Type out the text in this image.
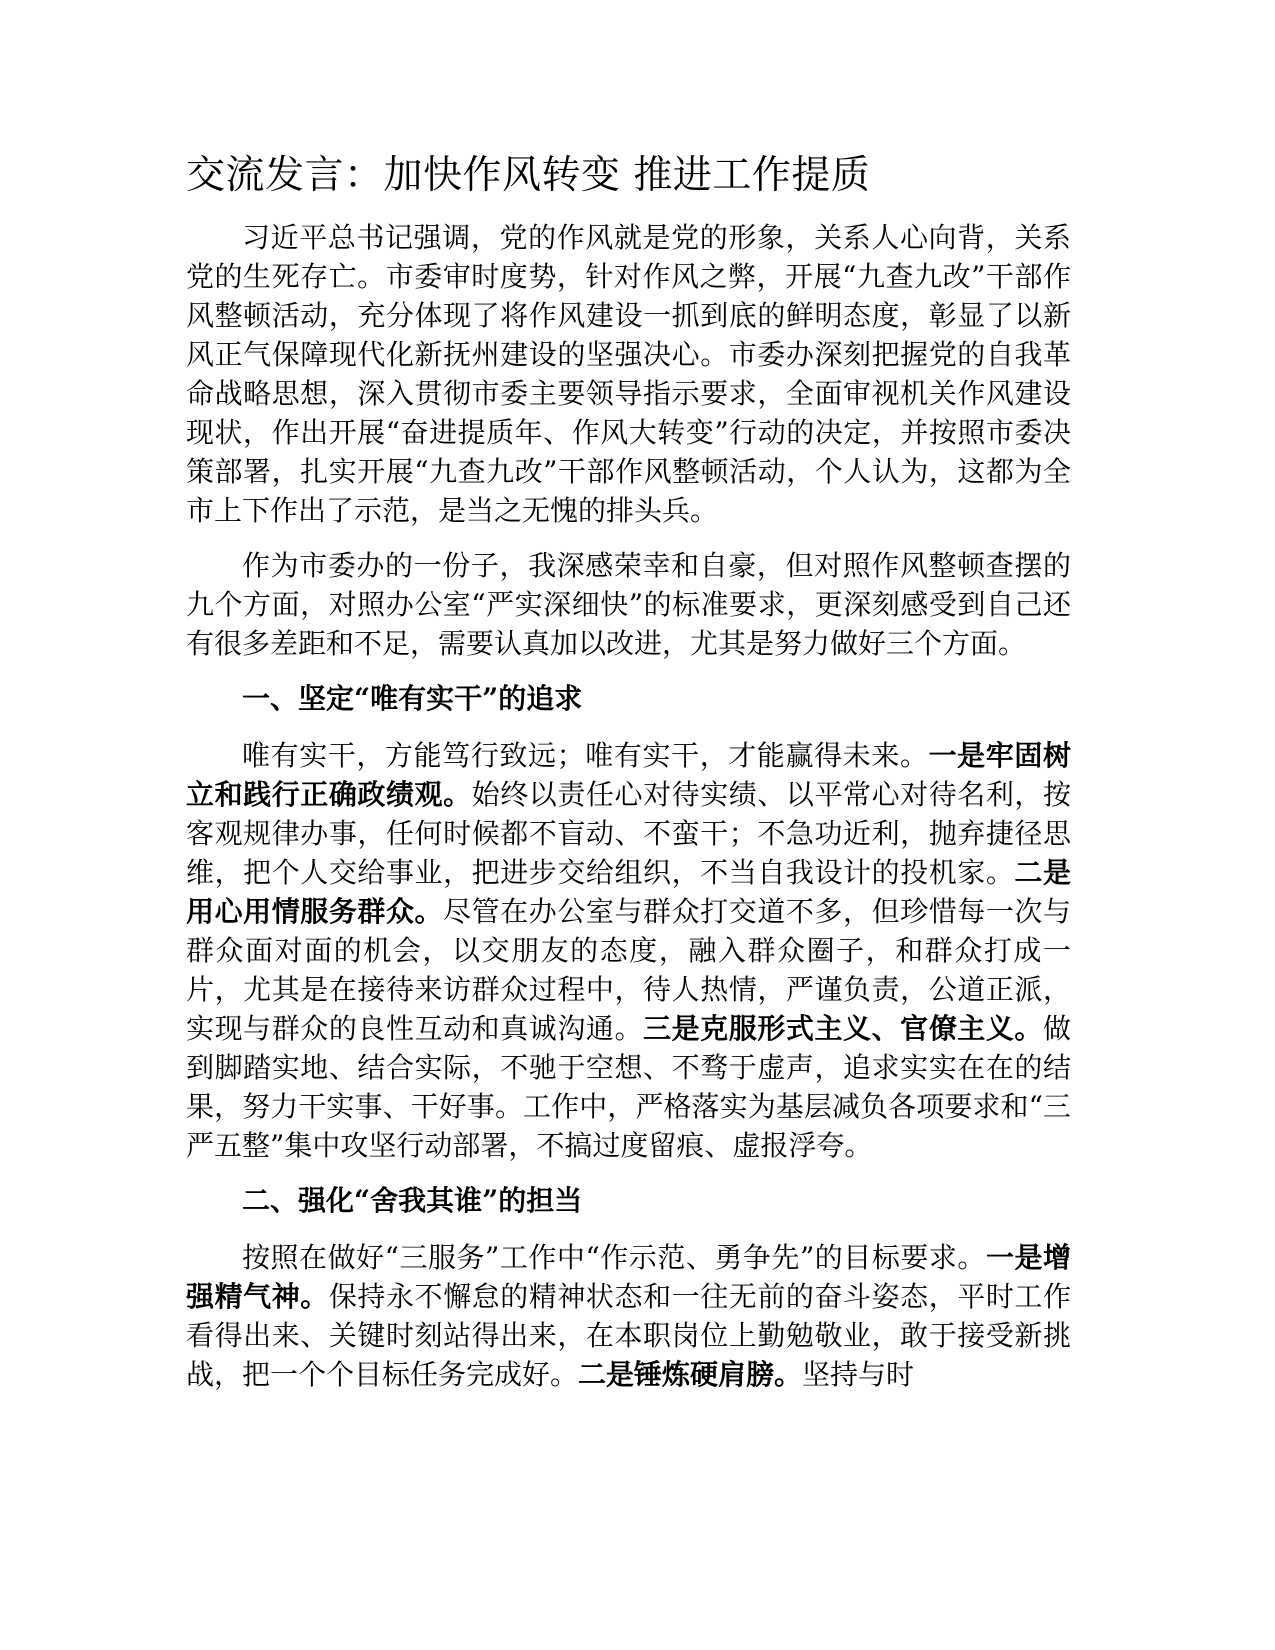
交流发言：加快作风转变 推进工作提质

习近平总书记强调，党的作风就是党的形象，关系人心向背，关系党的生死存亡。市委审时度势，针对作风之弊，开展“九查九改”干部作风整顿活动，充分体现了将作风建设一抓到底的鲜明态度，彰显了以新风正气保障现代化新抚州建设的坚强决心。市委办深刻把握党的自我革命战略思想，深入贯彻市委主要领导指示要求，全面审视机关作风建设现状，作出开展“奋进提质年、作风大转变”行动的决定，并按照市委决策部署，扎实开展“九查九改”干部作风整顿活动，个人认为，这都为全市上下作出了示范，是当之无愧的排头兵。

作为市委办的一份子，我深感荣幸和自豪，但对照作风整顿查摆的九个方面，对照办公室“严实深细快”的标准要求，更深刻感受到自己还有很多差距和不足，需要认真加以改进，尤其是努力做好三个方面。

一、坚定“唯有实干”的追求

唯有实干，方能笃行致远；唯有实干，才能赢得未来。一是牢固树立和践行正确政绩观。始终以责任心对待实绩、以平常心对待名利，按客观规律办事，任何时候都不盲动、不蛮干；不急功近利，抛弃捷径思维，把个人交给事业，把进步交给组织，不当自我设计的投机家。二是用心用情服务群众。尽管在办公室与群众打交道不多，但珍惜每一次与群众面对面的机会，以交朋友的态度，融入群众圈子，和群众打成一片，尤其是在接待来访群众过程中，待人热情，严谨负责，公道正派，实现与群众的良性互动和真诚沟通。三是克服形式主义、官僚主义。做到脚踏实地、结合实际，不驰于空想、不骛于虚声，追求实实在在的结果，努力干实事、干好事。工作中，严格落实为基层减负各项要求和“三严五整”集中攻坚行动部署，不搞过度留痕、虚报浮夸。

二、强化“舍我其谁”的担当

按照在做好“三服务”工作中“作示范、勇争先”的目标要求。一是增强精气神。保持永不懈怠的精神状态和一往无前的奋斗姿态，平时工作看得出来、关键时刻站得出来，在本职岗位上勤勉敬业，敢于接受新挑战，把一个个目标任务完成好。二是锤炼硬肩膀。坚持与时
